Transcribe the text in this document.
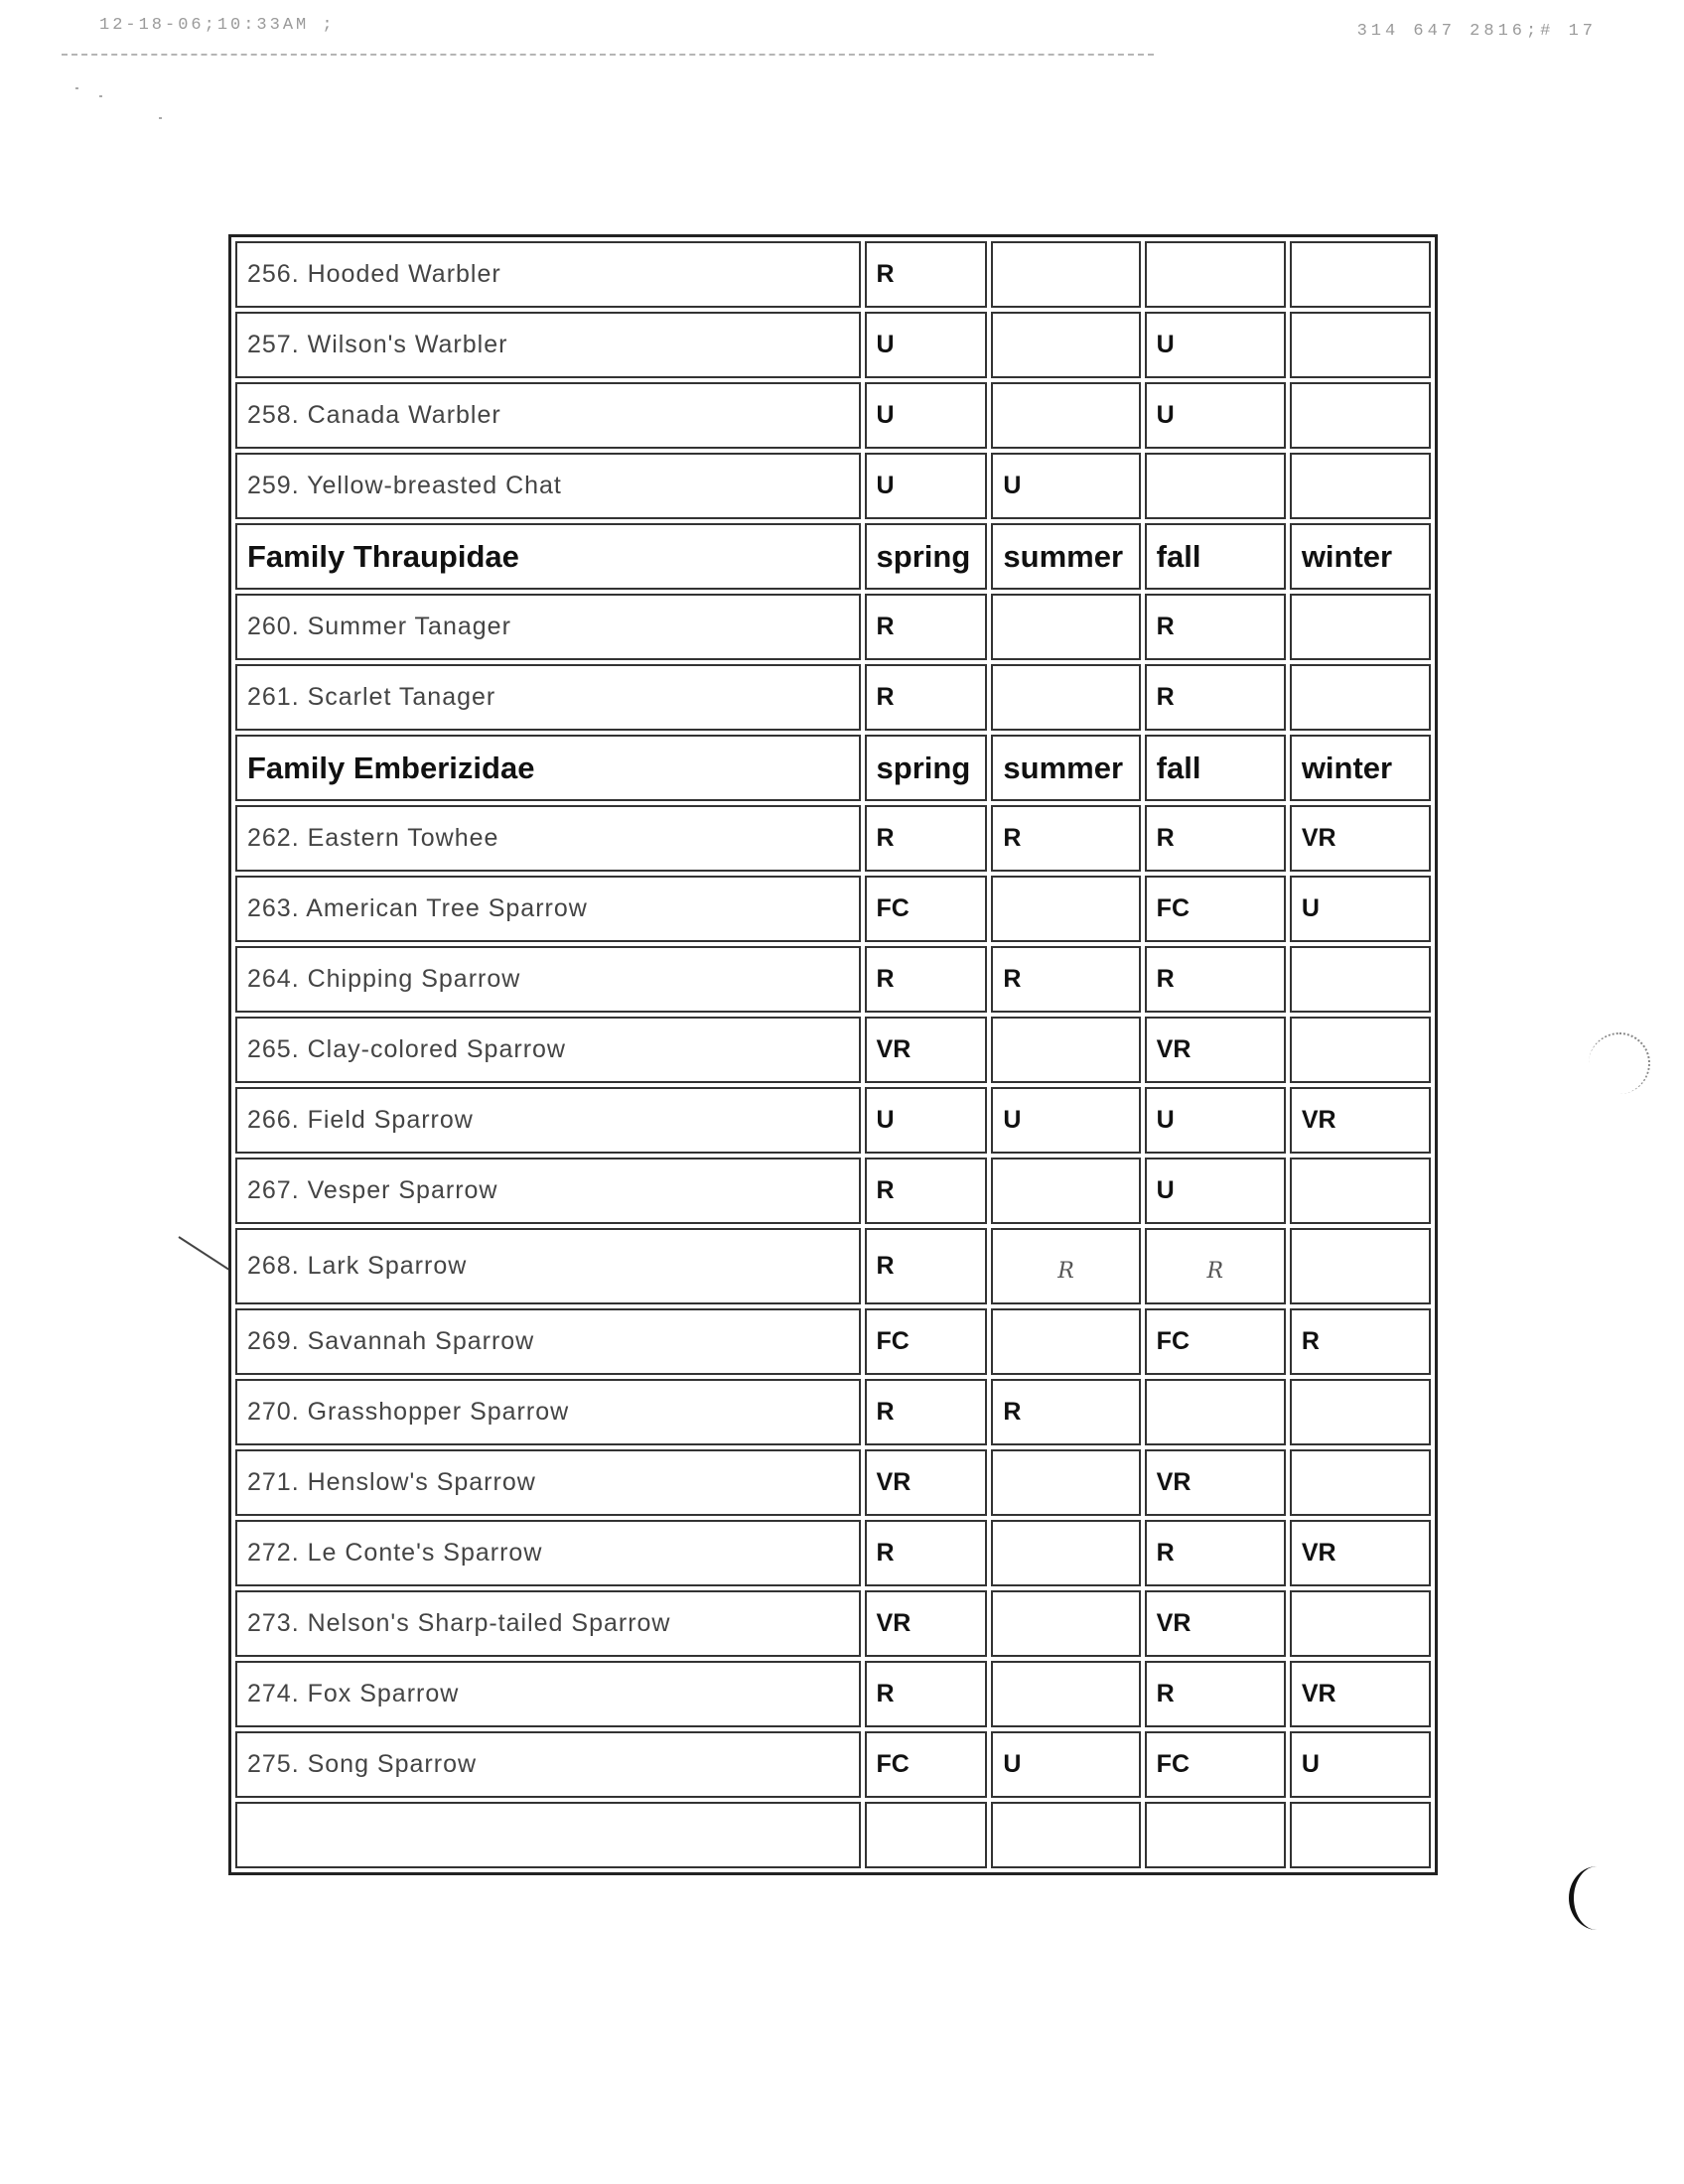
12-18-06;10:33AM ;	314 647 2816;# 17
256. Hooded Warbler	R			
257. Wilson's Warbler	U		U	
258. Canada Warbler	U		U	
259. Yellow-breasted Chat	U	U		
Family Thraupidae	spring	summer	fall	winter
260. Summer Tanager	R		R	
261. Scarlet Tanager	R		R	
Family Emberizidae	spring	summer	fall	winter
262. Eastern Towhee	R	R	R	VR
263. American Tree Sparrow	FC		FC	U
264. Chipping Sparrow	R	R	R	
265. Clay-colored Sparrow	VR		VR	
266. Field Sparrow	U	U	U	VR
267. Vesper Sparrow	R		U	
268. Lark Sparrow	R	R	R	
269. Savannah Sparrow	FC		FC	R
270. Grasshopper Sparrow	R	R		
271. Henslow's Sparrow	VR		VR	
272. Le Conte's Sparrow	R		R	VR
273. Nelson's Sharp-tailed Sparrow	VR		VR	
274. Fox Sparrow	R		R	VR
275. Song Sparrow	FC	U	FC	U
